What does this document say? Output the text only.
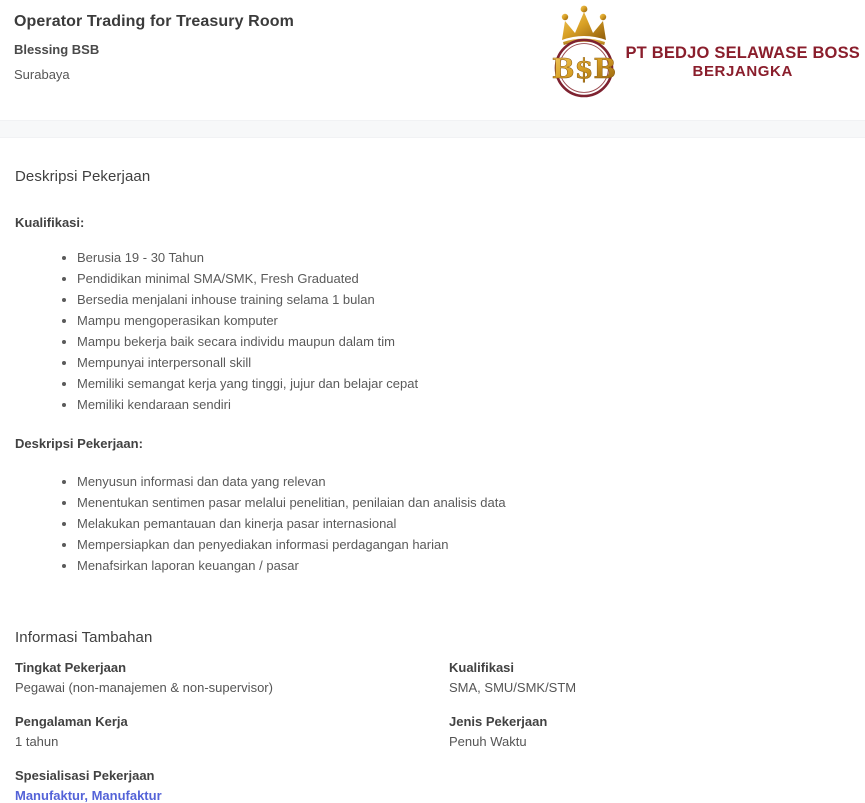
Operator Trading for Treasury Room
Blessing BSB
Surabaya	B$B
PT BEDJO SELAWASE BOSS
BERJANGKA
Deskripsi Pekerjaan
Kualifikasi:
• Berusia 19 - 30 Tahun
• Pendidikan minimal SMA/SMK, Fresh Graduated
• Bersedia menjalani inhouse training selama 1 bulan
• Mampu mengoperasikan komputer
• Mampu bekerja baik secara individu maupun dalam tim
• Mempunyai interpersonall skill
• Memiliki semangat kerja yang tinggi, jujur dan belajar cepat
• Memiliki kendaraan sendiri
Deskripsi Pekerjaan:
• Menyusun informasi dan data yang relevan
• Menentukan sentimen pasar melalui penelitian, penilaian dan analisis data
• Melakukan pemantauan dan kinerja pasar internasional
• Mempersiapkan dan penyediakan informasi perdagangan harian
• Menafsirkan laporan keuangan / pasar
Informasi Tambahan
Tingkat Pekerjaan
Pegawai (non-manajemen & non-supervisor)
Kualifikasi
SMA, SMU/SMK/STM
Pengalaman Kerja
1 tahun
Jenis Pekerjaan
Penuh Waktu
Spesialisasi Pekerjaan
Manufaktur, Manufaktur
